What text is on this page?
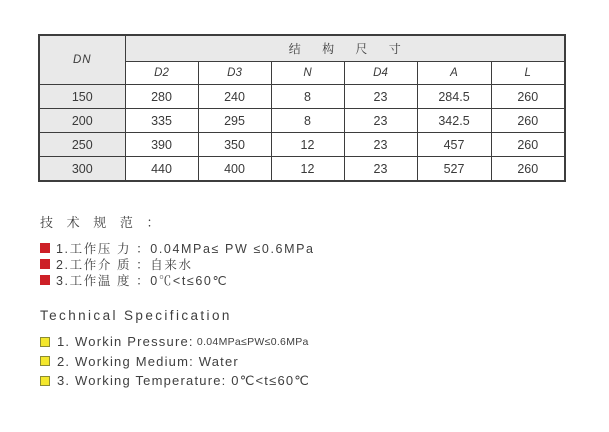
DN	结 构 尺 寸					
	D2	D3	N	D4	A	L
150	280	240	8	23	284.5	260
200	335	295	8	23	342.5	260
250	390	350	12	23	457	260
300	440	400	12	23	527	260
技 术 规 范 ：
1.工作压 力 ：0.04MPa≤ PW ≤0.6MPa
2.工作介 质 ：自来水
3.工作温 度 ：0℃<t≤60℃
Technical Specification
1. Workin Pressure: 0.04MPa≤PW≤0.6MPa
2. Working Medium: Water
3. Working Temperature: 0℃<t≤60℃
